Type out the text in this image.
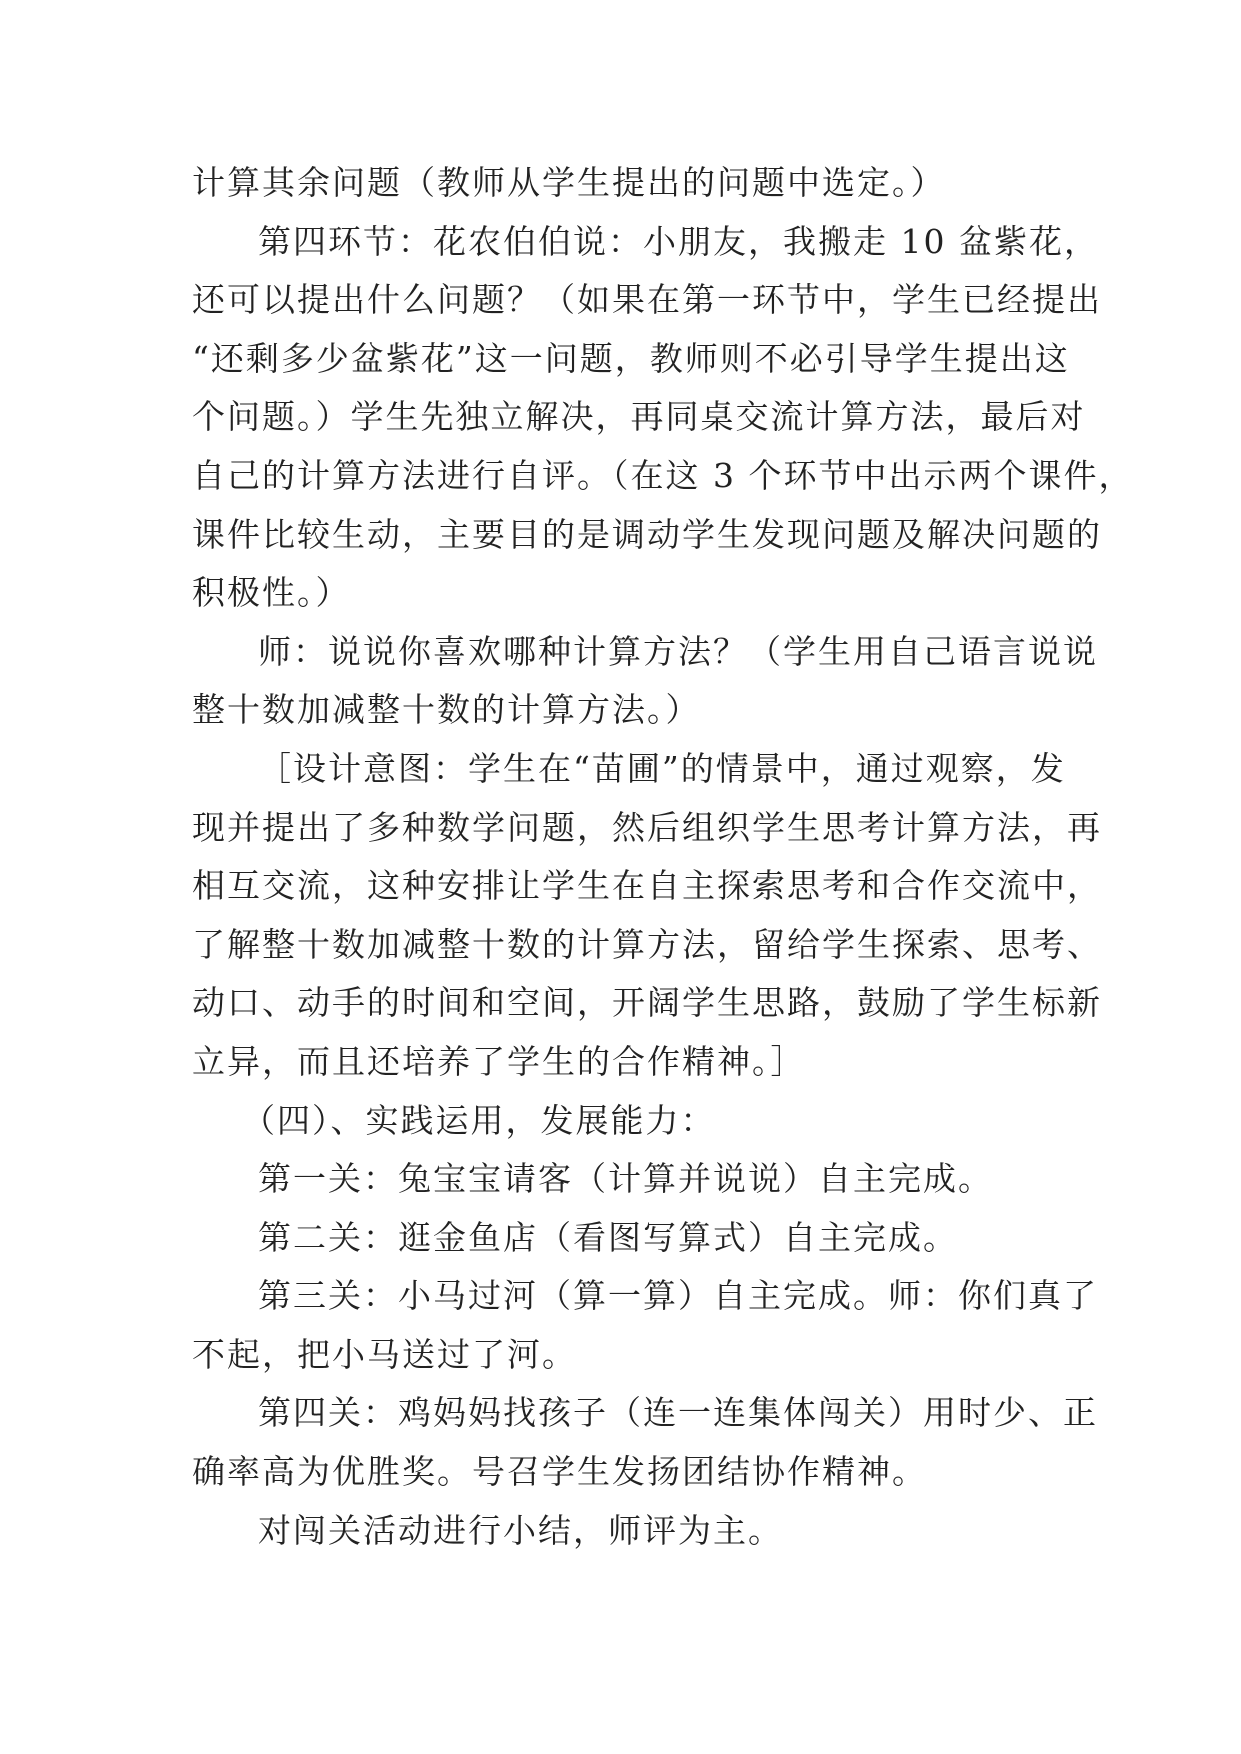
计算其余问题（教师从学生提出的问题中选定。）
第四环节：花农伯伯说：小朋友，我搬走 10 盆紫花，
还可以提出什么问题？（如果在第一环节中，学生已经提出
“还剩多少盆紫花”这一问题，教师则不必引导学生提出这
个问题。）学生先独立解决，再同桌交流计算方法，最后对
自己的计算方法进行自评。（在这 3 个环节中出示两个课件，
课件比较生动，主要目的是调动学生发现问题及解决问题的
积极性。）
师：说说你喜欢哪种计算方法？（学生用自己语言说说
整十数加减整十数的计算方法。）
［设计意图：学生在“苗圃”的情景中，通过观察，发
现并提出了多种数学问题，然后组织学生思考计算方法，再
相互交流，这种安排让学生在自主探索思考和合作交流中，
了解整十数加减整十数的计算方法，留给学生探索、思考、
动口、动手的时间和空间，开阔学生思路，鼓励了学生标新
立异，而且还培养了学生的合作精神。］
（四）、实践运用，发展能力：
第一关：兔宝宝请客（计算并说说）自主完成。
第二关：逛金鱼店（看图写算式）自主完成。
第三关：小马过河（算一算）自主完成。师：你们真了
不起，把小马送过了河。
第四关：鸡妈妈找孩子（连一连集体闯关）用时少、正
确率高为优胜奖。号召学生发扬团结协作精神。
对闯关活动进行小结，师评为主。
